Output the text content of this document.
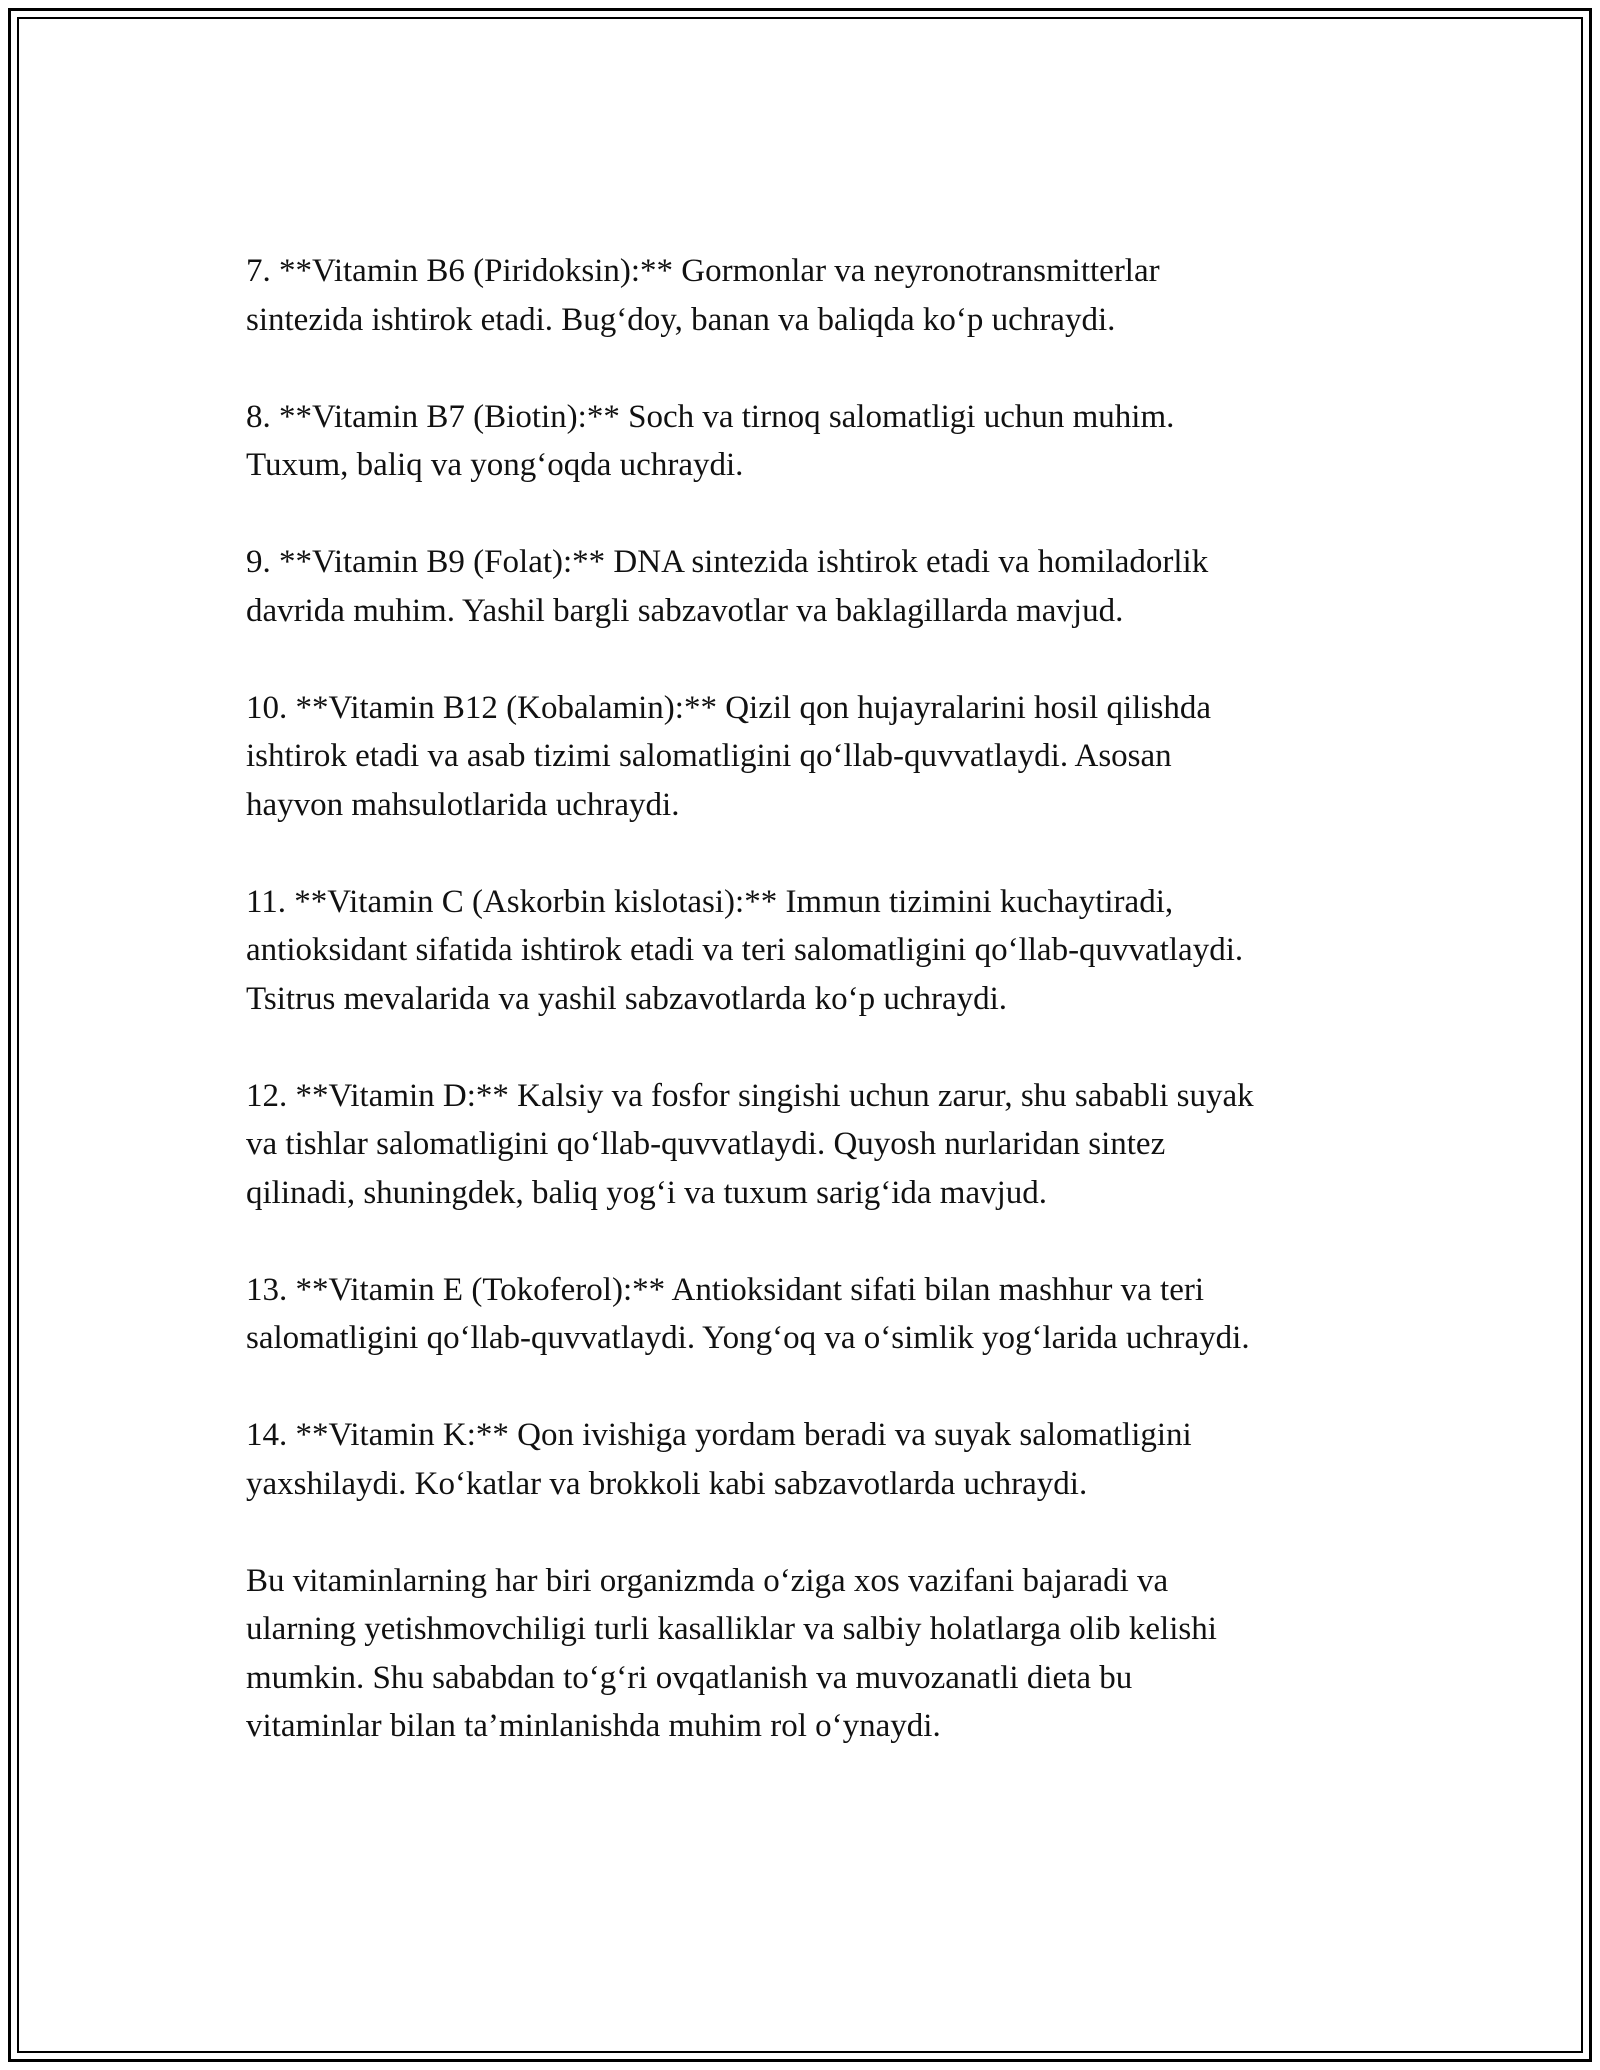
7. **Vitamin B6 (Piridoksin):** Gormonlar va neyronotransmitterlar
sintezida ishtirok etadi. Bug‘doy, banan va baliqda ko‘p uchraydi.

8. **Vitamin B7 (Biotin):** Soch va tirnoq salomatligi uchun muhim.
Tuxum, baliq va yong‘oqda uchraydi.

9. **Vitamin B9 (Folat):** DNA sintezida ishtirok etadi va homiladorlik
davrida muhim. Yashil bargli sabzavotlar va baklagillarda mavjud.

10. **Vitamin B12 (Kobalamin):** Qizil qon hujayralarini hosil qilishda
ishtirok etadi va asab tizimi salomatligini qo‘llab-quvvatlaydi. Asosan
hayvon mahsulotlarida uchraydi.

11. **Vitamin C (Askorbin kislotasi):** Immun tizimini kuchaytiradi,
antioksidant sifatida ishtirok etadi va teri salomatligini qo‘llab-quvvatlaydi.
Tsitrus mevalarida va yashil sabzavotlarda ko‘p uchraydi.

12. **Vitamin D:** Kalsiy va fosfor singishi uchun zarur, shu sababli suyak
va tishlar salomatligini qo‘llab-quvvatlaydi. Quyosh nurlaridan sintez
qilinadi, shuningdek, baliq yog‘i va tuxum sarig‘ida mavjud.

13. **Vitamin E (Tokoferol):** Antioksidant sifati bilan mashhur va teri
salomatligini qo‘llab-quvvatlaydi. Yong‘oq va o‘simlik yog‘larida uchraydi.

14. **Vitamin K:** Qon ivishiga yordam beradi va suyak salomatligini
yaxshilaydi. Ko‘katlar va brokkoli kabi sabzavotlarda uchraydi.

Bu vitaminlarning har biri organizmda o‘ziga xos vazifani bajaradi va
ularning yetishmovchiligi turli kasalliklar va salbiy holatlarga olib kelishi
mumkin. Shu sababdan to‘g‘ri ovqatlanish va muvozanatli dieta bu
vitaminlar bilan ta’minlanishda muhim rol o‘ynaydi.
